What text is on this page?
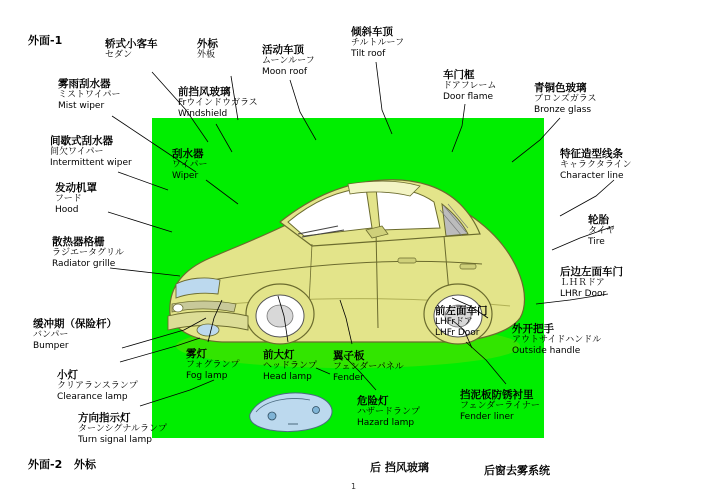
外面-1	轿式小客车
セダン
外标
外板	活动车顶
ムーンルーフ
Moon roof
倾斜车顶
チルトルーフ
Tilt roof
车门框
ドアフレーム
Door flame
青铜色玻璃
ブロンズガラス
Bronze glass
雾雨刮水器
ミストワイパー
Mist wiper
前挡风玻璃
Frウインドウガラス
Windshield
间歇式刮水器
间欠ワイパー
Intermittent wiper
刮水器
ワイパー
Wiper
特征造型线条
キャラクタライン
Character line
发动机罩
フード
Hood
轮胎
タイヤ
Tire
散热器格栅
ラジエータグリル
Radiator grille
后边左面车门
ＬＨＲドア
LHRr Door
缓冲期（保险杆）
バンパー
Bumper
前左面车门
LHFrドア
LHFr Door	外开把手
アウトサイドハンドル
Outside handle
雾灯
フォグランプ
Fog lamp
前大灯
ヘッドランプ
Head lamp
翼子板
フェンダーパネル
Fender
小灯
クリアランスランプ
Clearance lamp	挡泥板防锈衬里
フェンダーライナー
Fender liner
危险灯
ハザードランプ
Hazard lamp
方向指示灯
ターンシグナルランプ
Turn signal lamp
外面-2 外标	后 挡风玻璃	后窗去雾系统
1
